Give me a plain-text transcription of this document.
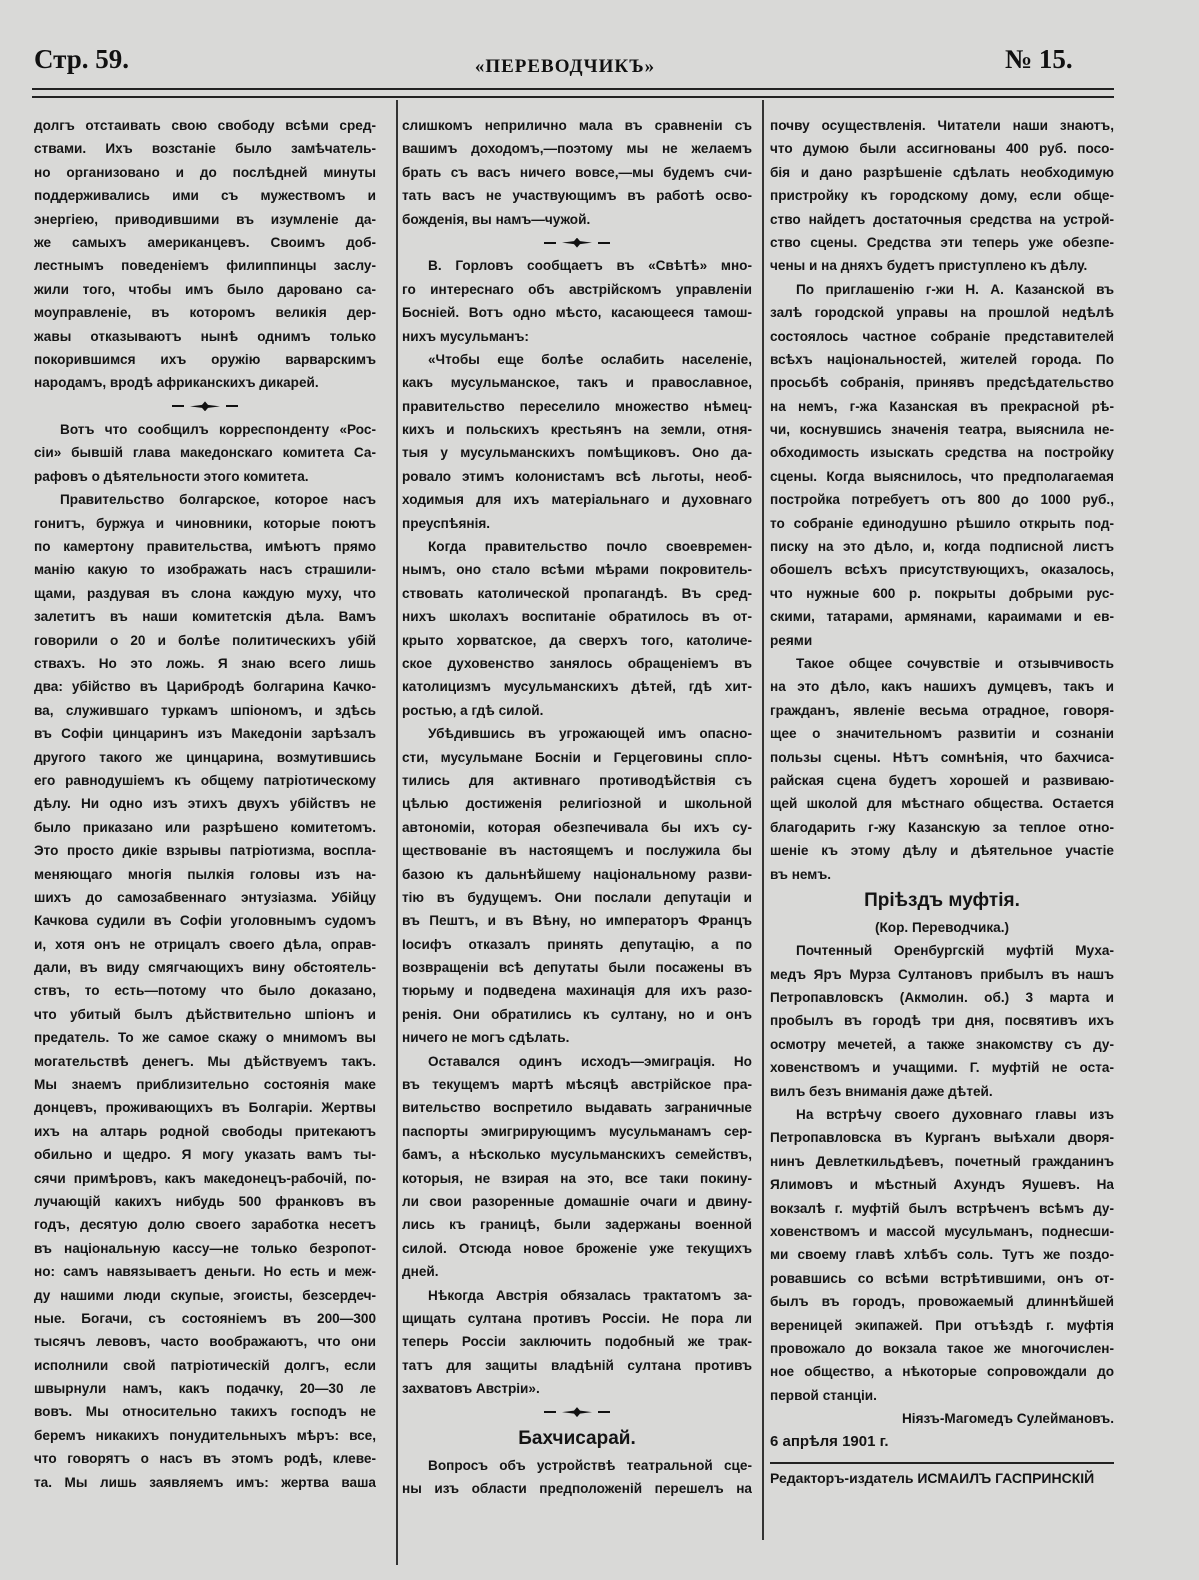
Стр. 59.	«ПЕРЕВОДЧИКЪ»	№ 15.
долгъ отстаивать свою свободу всѣми сред-
ствами. Ихъ возстаніе было замѣчатель-
но организовано и до послѣдней минуты
поддерживались ими съ мужествомъ и
энергіею, приводившими въ изумленіе да-
же самыхъ американцевъ. Своимъ доб-
лестнымъ поведеніемъ филиппинцы заслу-
жили того, чтобы имъ было даровано са-
моуправленіе, въ которомъ великія дер-
жавы отказываютъ нынѣ однимъ только
покорившимся ихъ оружію варварскимъ
народамъ, вродѣ африканскихъ дикарей.
Вотъ что сообщилъ корреспонденту «Рос-
сіи» бывшій глава македонскаго комитета Са-
рафовъ о дѣятельности этого комитета.
Правительство болгарское, которое насъ
гонитъ, буржуа и чиновники, которые поютъ
по камертону правительства, имѣютъ прямо
манію какую то изображать насъ страшили-
щами, раздувая въ слона каждую муху, что
залетитъ въ наши комитетскія дѣла. Вамъ
говорили о 20 и болѣе политическихъ убій
ствахъ. Но это ложь. Я знаю всего лишь
два: убійство въ Царибродѣ болгарина Качко-
ва, служившаго туркамъ шпіономъ, и здѣсь
въ Софіи цинцаринъ изъ Македоніи зарѣзалъ
другого такого же цинцарина, возмутившись
его равнодушіемъ къ общему патріотическому
дѣлу. Ни одно изъ этихъ двухъ убійствъ не
было приказано или разрѣшено комитетомъ.
Это просто дикіе взрывы патріотизма, воспла-
меняющаго многія пылкія головы изъ на-
шихъ до самозабвеннаго энтузіазма. Убійцу
Качкова судили въ Софіи уголовнымъ судомъ
и, хотя онъ не отрицалъ своего дѣла, оправ-
дали, въ виду смягчающихъ вину обстоятель-
ствъ, то есть—потому что было доказано,
что убитый былъ дѣйствительно шпіонъ и
предатель. То же самое скажу о мнимомъ вы
могательствѣ денегъ. Мы дѣйствуемъ такъ.
Мы знаемъ приблизительно состоянія маке
донцевъ, проживающихъ въ Болгаріи. Жертвы
ихъ на алтарь родной свободы притекаютъ
обильно и щедро. Я могу указать вамъ ты-
сячи примѣровъ, какъ македонецъ-рабочій, по-
лучающій какихъ нибудь 500 франковъ въ
годъ, десятую долю своего заработка несетъ
въ національную кассу—не только безропот-
но: самъ навязываетъ деньги. Но есть и меж-
ду нашими люди скупые, эгоисты, безсердеч-
ные. Богачи, съ состояніемъ въ 200—300
тысячъ левовъ, часто воображаютъ, что они
исполнили свой патріотическій долгъ, если
швырнули намъ, какъ подачку, 20—30 ле
вовъ. Мы относительно такихъ господъ не
беремъ никакихъ понудительныхъ мѣръ: все,
что говорятъ о насъ въ этомъ родѣ, клеве-
та. Мы лишь заявляемъ имъ: жертва ваша
слишкомъ неприлично мала въ сравненіи съ
вашимъ доходомъ,—поэтому мы не желаемъ
брать съ васъ ничего вовсе,—мы будемъ счи-
тать васъ не участвующимъ въ работѣ осво-
божденія, вы намъ—чужой.
В. Горловъ сообщаетъ въ «Свѣтѣ» мно-
го интереснаго объ австрійскомъ управленіи
Босніей. Вотъ одно мѣсто, касающееся тамош-
нихъ мусульманъ:
«Чтобы еще болѣе ослабить населеніе,
какъ мусульманское, такъ и православное,
правительство переселило множество нѣмец-
кихъ и польскихъ крестьянъ на земли, отня-
тыя у мусульманскихъ помѣщиковъ. Оно да-
ровало этимъ колонистамъ всѣ льготы, необ-
ходимыя для ихъ матеріальнаго и духовнаго
преуспѣянія.
Когда правительство почло своевремен-
нымъ, оно стало всѣми мѣрами покровитель-
ствовать католической пропагандѣ. Въ сред-
нихъ школахъ воспитаніе обратилось въ от-
крыто хорватское, да сверхъ того, католиче-
ское духовенство занялось обращеніемъ въ
католицизмъ мусульманскихъ дѣтей, гдѣ хит-
ростью, а гдѣ силой.
Убѣдившись въ угрожающей имъ опасно-
сти, мусульмане Босніи и Герцеговины спло-
тились для активнаго противодѣйствія съ
цѣлью достиженія религіозной и школьной
автономіи, которая обезпечивала бы ихъ су-
ществованіе въ настоящемъ и послужила бы
базою къ дальнѣйшему національному разви-
тію въ будущемъ. Они послали депутаціи и
въ Пештъ, и въ Вѣну, но императоръ Францъ
Іосифъ отказалъ принять депутацію, а по
возвращеніи всѣ депутаты были посажены въ
тюрьму и подведена махинація для ихъ разо-
ренія. Они обратились къ султану, но и онъ
ничего не могъ сдѣлать.
Оставался одинъ исходъ—эмиграція. Но
въ текущемъ мартѣ мѣсяцѣ австрійское пра-
вительство воспретило выдавать заграничные
паспорты эмигрирующимъ мусульманамъ сер-
бамъ, а нѣсколько мусульманскихъ семействъ,
которыя, не взирая на это, все таки покину-
ли свои разоренные домашніе очаги и двину-
лись къ границѣ, были задержаны военной
силой. Отсюда новое броженіе уже текущихъ
дней.
Нѣкогда Австрія обязалась трактатомъ за-
щищать султана противъ Россіи. Не пора ли
теперь Россіи заключить подобный же трак-
татъ для защиты владѣній султана противъ
захватовъ Австріи».
Бахчисарай.
Вопросъ объ устройствѣ театральной сце-
ны изъ области предположеній перешелъ на
почву осуществленія. Читатели наши знаютъ,
что думою были ассигнованы 400 руб. посо-
бія и дано разрѣшеніе сдѣлать необходимую
пристройку къ городскому дому, если обще-
ство найдетъ достаточныя средства на устрой-
ство сцены. Средства эти теперь уже обезпе-
чены и на дняхъ будетъ приступлено къ дѣлу.
По приглашенію г-жи Н. А. Казанской въ
залѣ городской управы на прошлой недѣлѣ
состоялось частное собраніе представителей
всѣхъ національностей, жителей города. По
просьбѣ собранія, принявъ предсѣдательство
на немъ, г-жа Казанская въ прекрасной рѣ-
чи, коснувшись значенія театра, выяснила не-
обходимость изыскать средства на постройку
сцены. Когда выяснилось, что предполагаемая
постройка потребуетъ отъ 800 до 1000 руб.,
то собраніе единодушно рѣшило открыть под-
писку на это дѣло, и, когда подписной листъ
обошелъ всѣхъ присутствующихъ, оказалось,
что нужные 600 р. покрыты добрыми рус-
скими, татарами, армянами, караимами и ев-
реями
Такое общее сочувствіе и отзывчивость
на это дѣло, какъ нашихъ думцевъ, такъ и
гражданъ, явленіе весьма отрадное, говоря-
щее о значительномъ развитіи и сознаніи
пользы сцены. Нѣтъ сомнѣнія, что бахчиса-
райская сцена будетъ хорошей и развиваю-
щей школой для мѣстнаго общества. Остается
благодарить г-жу Казанскую за теплое отно-
шеніе къ этому дѣлу и дѣятельное участіе
въ немъ.
Пріѣздъ муфтія.
(Кор. Переводчика.)
Почтенный Оренбургскій муфтій Муха-
медъ Яръ Мурза Султановъ прибылъ въ нашъ
Петропавловскъ (Акмолин. об.) 3 марта и
пробылъ въ городѣ три дня, посвятивъ ихъ
осмотру мечетей, а также знакомству съ ду-
ховенствомъ и учащими. Г. муфтій не оста-
вилъ безъ вниманія даже дѣтей.
На встрѣчу своего духовнаго главы изъ
Петропавловска въ Курганъ выѣхали дворя-
нинъ Девлеткильдѣевъ, почетный гражданинъ
Ялимовъ и мѣстный Ахундъ Яушевъ. На
вокзалѣ г. муфтій былъ встрѣченъ всѣмъ ду-
ховенствомъ и массой мусульманъ, поднесши-
ми своему главѣ хлѣбъ соль. Тутъ же поздо-
ровавшись со всѣми встрѣтившими, онъ от-
былъ въ городъ, провожаемый длиннѣйшей
вереницей экипажей. При отъѣздѣ г. муфтія
провожало до вокзала такое же многочислен-
ное общество, а нѣкоторые сопровождали до
первой станціи.
Ніязъ-Магомедъ Сулеймановъ.
6 апрѣля 1901 г.
Редакторъ-издатель ИСМАИЛЪ ГАСПРИНСКІЙ
